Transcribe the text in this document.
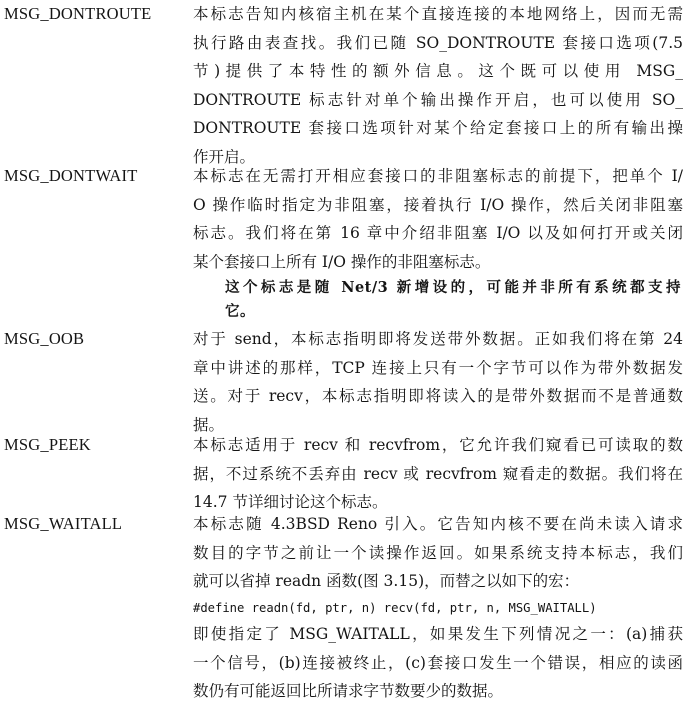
MSG_DONTROUTE	本标志告知内核宿主机在某个直接连接的本地网络上，因而无需
执行路由表查找。我们已随 SO_DONTROUTE 套接口选项(7.5
节)提供了本特性的额外信息。这个既可以使用 MSG_
DONTROUTE 标志针对单个输出操作开启，也可以使用 SO_
DONTROUTE 套接口选项针对某个给定套接口上的所有输出操
作开启。
MSG_DONTWAIT	本标志在无需打开相应套接口的非阻塞标志的前提下，把单个 I/
O 操作临时指定为非阻塞，接着执行 I/O 操作，然后关闭非阻塞
标志。我们将在第 16 章中介绍非阻塞 I/O 以及如何打开或关闭
某个套接口上所有 I/O 操作的非阻塞标志。
这个标志是随 Net/3 新增设的，可能并非所有系统都支持
它。
MSG_OOB	对于 send，本标志指明即将发送带外数据。正如我们将在第 24
章中讲述的那样，TCP 连接上只有一个字节可以作为带外数据发
送。对于 recv，本标志指明即将读入的是带外数据而不是普通数
据。
MSG_PEEK	本标志适用于 recv 和 recvfrom，它允许我们窥看已可读取的数
据，不过系统不丢弃由 recv 或 recvfrom 窥看走的数据。我们将在
14.7 节详细讨论这个标志。
MSG_WAITALL	本标志随 4.3BSD Reno 引入。它告知内核不要在尚未读入请求
数目的字节之前让一个读操作返回。如果系统支持本标志，我们
就可以省掉 readn 函数(图 3.15)，而替之以如下的宏：
#define readn(fd, ptr, n) recv(fd, ptr, n, MSG_WAITALL)
即使指定了 MSG_WAITALL，如果发生下列情况之一：(a)捕获
一个信号，(b)连接被终止，(c)套接口发生一个错误，相应的读函
数仍有可能返回比所请求字节数要少的数据。
